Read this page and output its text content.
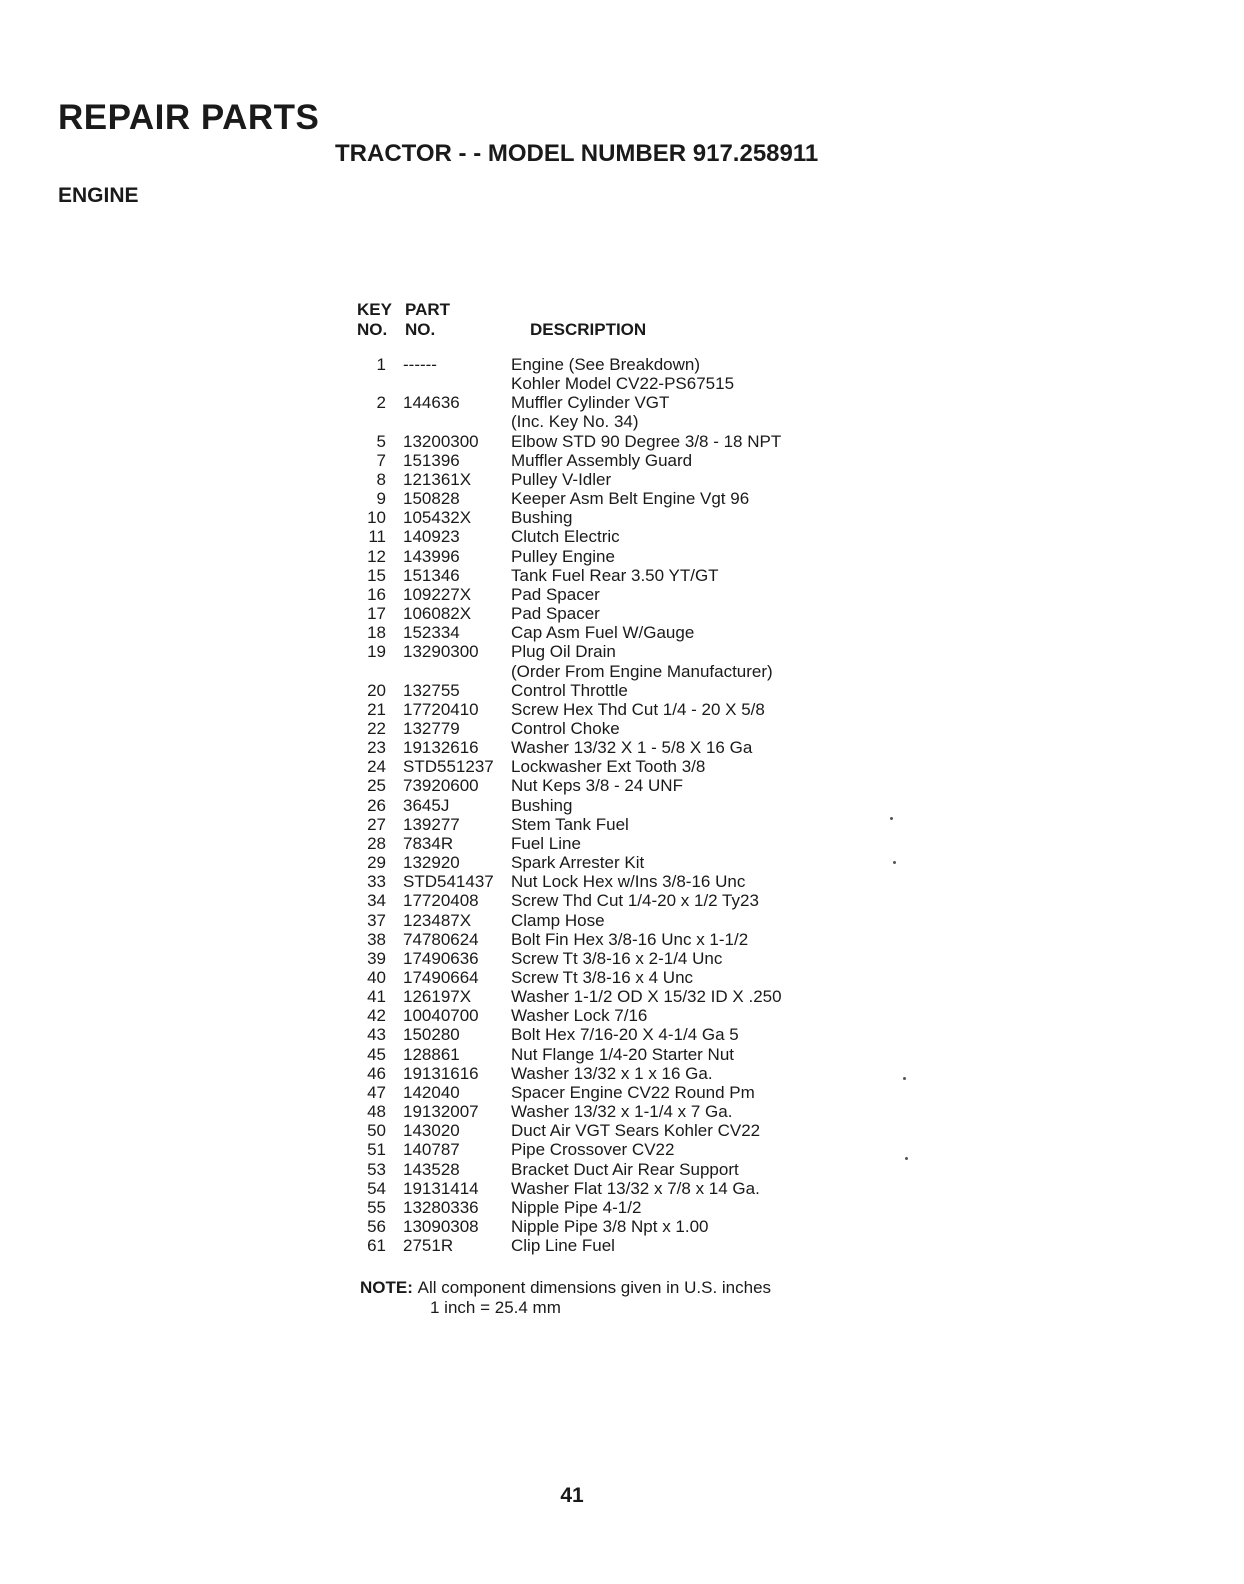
REPAIR PARTS
TRACTOR - - MODEL NUMBER 917.258911
ENGINE
KEY
NO.
PART
NO.	DESCRIPTION
1	------	Engine (See Breakdown)
Kohler Model CV22-PS67515
2	144636	Muffler Cylinder VGT
(Inc. Key No. 34)
5	13200300	Elbow STD 90 Degree 3/8 - 18 NPT
7	151396	Muffler Assembly Guard
8	121361X	Pulley V-Idler
9	150828	Keeper Asm Belt Engine Vgt 96
10	105432X	Bushing
11	140923	Clutch Electric
12	143996	Pulley Engine
15	151346	Tank Fuel Rear 3.50 YT/GT
16	109227X	Pad Spacer
17	106082X	Pad Spacer
18	152334	Cap Asm Fuel W/Gauge
19	13290300	Plug Oil Drain
(Order From Engine Manufacturer)
20	132755	Control Throttle
21	17720410	Screw Hex Thd Cut 1/4 - 20 X 5/8
22	132779	Control Choke
23	19132616	Washer 13/32 X 1 - 5/8 X 16 Ga
24	STD551237	Lockwasher Ext Tooth 3/8
25	73920600	Nut Keps 3/8 - 24 UNF
26	3645J	Bushing
27	139277	Stem Tank Fuel
28	7834R	Fuel Line
29	132920	Spark Arrester Kit
33	STD541437	Nut Lock Hex w/Ins 3/8-16 Unc
34	17720408	Screw Thd Cut 1/4-20 x 1/2 Ty23
37	123487X	Clamp Hose
38	74780624	Bolt Fin Hex 3/8-16 Unc x 1-1/2
39	17490636	Screw Tt 3/8-16 x 2-1/4 Unc
40	17490664	Screw Tt 3/8-16 x 4 Unc
41	126197X	Washer 1-1/2 OD X 15/32 ID X .250
42	10040700	Washer Lock 7/16
43	150280	Bolt Hex 7/16-20 X 4-1/4 Ga 5
45	128861	Nut Flange 1/4-20 Starter Nut
46	19131616	Washer 13/32 x 1 x 16 Ga.
47	142040	Spacer Engine CV22 Round Pm
48	19132007	Washer 13/32 x 1-1/4 x 7 Ga.
50	143020	Duct Air VGT Sears Kohler CV22
51	140787	Pipe Crossover CV22
53	143528	Bracket Duct Air Rear Support
54	19131414	Washer Flat 13/32 x 7/8 x 14 Ga.
55	13280336	Nipple Pipe 4-1/2
56	13090308	Nipple Pipe 3/8 Npt x 1.00
61	2751R	Clip Line Fuel
NOTE: All component dimensions given in U.S. inches
1 inch = 25.4 mm
41
